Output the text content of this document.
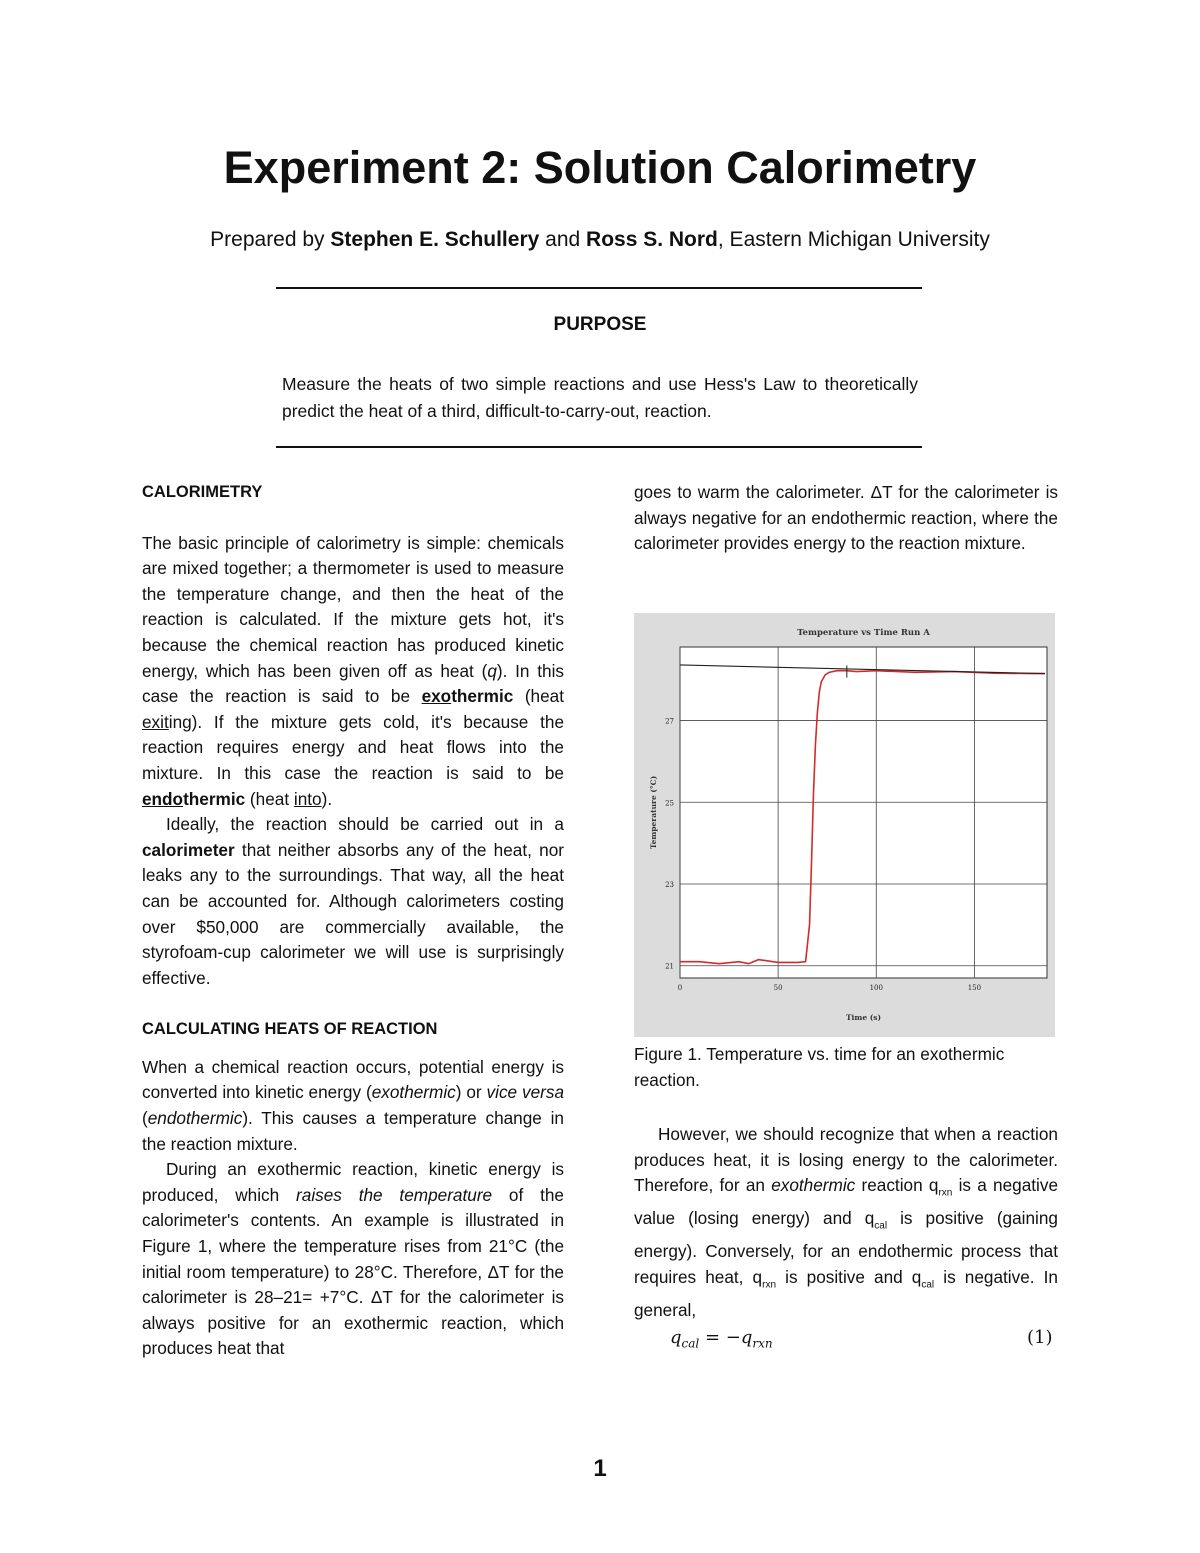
Experiment 2: Solution Calorimetry
Prepared by Stephen E. Schullery and Ross S. Nord, Eastern Michigan University
PURPOSE

Measure the heats of two simple reactions and use Hess's Law to theoretically predict the heat of a third, difficult-to-carry-out, reaction.

CALORIMETRY

The basic principle of calorimetry is simple: chemicals are mixed together; a thermometer is used to measure the temperature change, and then the heat of the reaction is calculated. If the mixture gets hot, it's because the chemical reaction has produced kinetic energy, which has been given off as heat (q). In this case the reaction is said to be exothermic (heat exiting). If the mixture gets cold, it's because the reaction requires energy and heat flows into the mixture. In this case the reaction is said to be endothermic (heat into).

Ideally, the reaction should be carried out in a calorimeter that neither absorbs any of the heat, nor leaks any to the surroundings. That way, all the heat can be accounted for. Although calorimeters costing over $50,000 are commercially available, the styrofoam-cup calorimeter we will use is surprisingly effective.

CALCULATING HEATS OF REACTION

When a chemical reaction occurs, potential energy is converted into kinetic energy (exothermic) or vice versa (endothermic). This causes a temperature change in the reaction mixture.

During an exothermic reaction, kinetic energy is produced, which raises the temperature of the calorimeter's contents. An example is illustrated in Figure 1, where the temperature rises from 21°C (the initial room temperature) to 28°C. Therefore, ΔT for the calorimeter is 28–21= +7°C. ΔT for the calorimeter is always positive for an exothermic reaction, which produces heat that

goes to warm the calorimeter. ΔT for the calorimeter is always negative for an endothermic reaction, where the calorimeter provides energy to the reaction mixture.

0	50	100	150
21
23
25
27
Temperature vs Time Run A
Time (s)
Temperature (°C)

Figure 1. Temperature vs. time for an exothermic reaction.

However, we should recognize that when a reaction produces heat, it is losing energy to the calorimeter. Therefore, for an exothermic reaction $q_{rxn}$ is a negative value (losing energy) and $q_{cal}$ is positive (gaining energy). Conversely, for an endothermic process that requires heat, $q_{rxn}$ is positive and $q_{cal}$ is negative. In general,

$q_{cal} = -q_{rxn}$	(1)
1
